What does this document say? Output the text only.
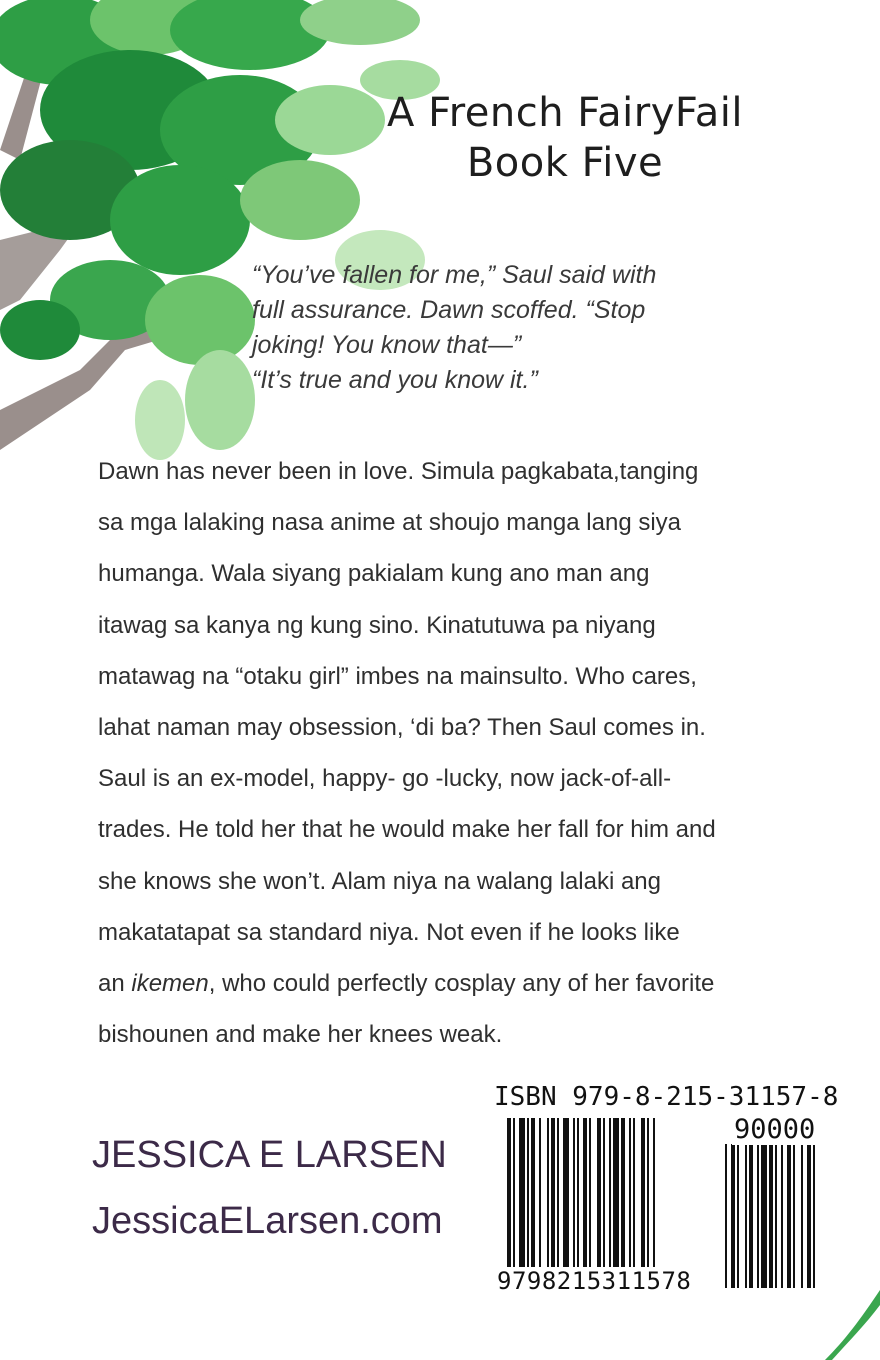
A French FairyFail
Book Five
“You’ve fallen for me,” Saul said with
full assurance. Dawn scoffed. “Stop
joking! You know that—”
“It’s true and you know it.”
Dawn has never been in love. Simula pagkabata,tanging
sa mga lalaking nasa anime at shoujo manga lang siya
humanga. Wala siyang pakialam kung ano man ang
itawag sa kanya ng kung sino. Kinatutuwa pa niyang
matawag na “otaku girl” imbes na mainsulto. Who cares,
lahat naman may obsession, ‘di ba? Then Saul comes in.
Saul is an ex-model, happy- go -lucky, now jack-of-all-
trades. He told her that he would make her fall for him and
she knows she won’t. Alam niya na walang lalaki ang
makatatapat sa standard niya. Not even if he looks like
an ikemen, who could perfectly cosplay any of her favorite
bishounen and make her knees weak.
JESSICA E LARSEN
JessicaELarsen.com
ISBN 979-8-215-31157-8
90000
9798215311578
